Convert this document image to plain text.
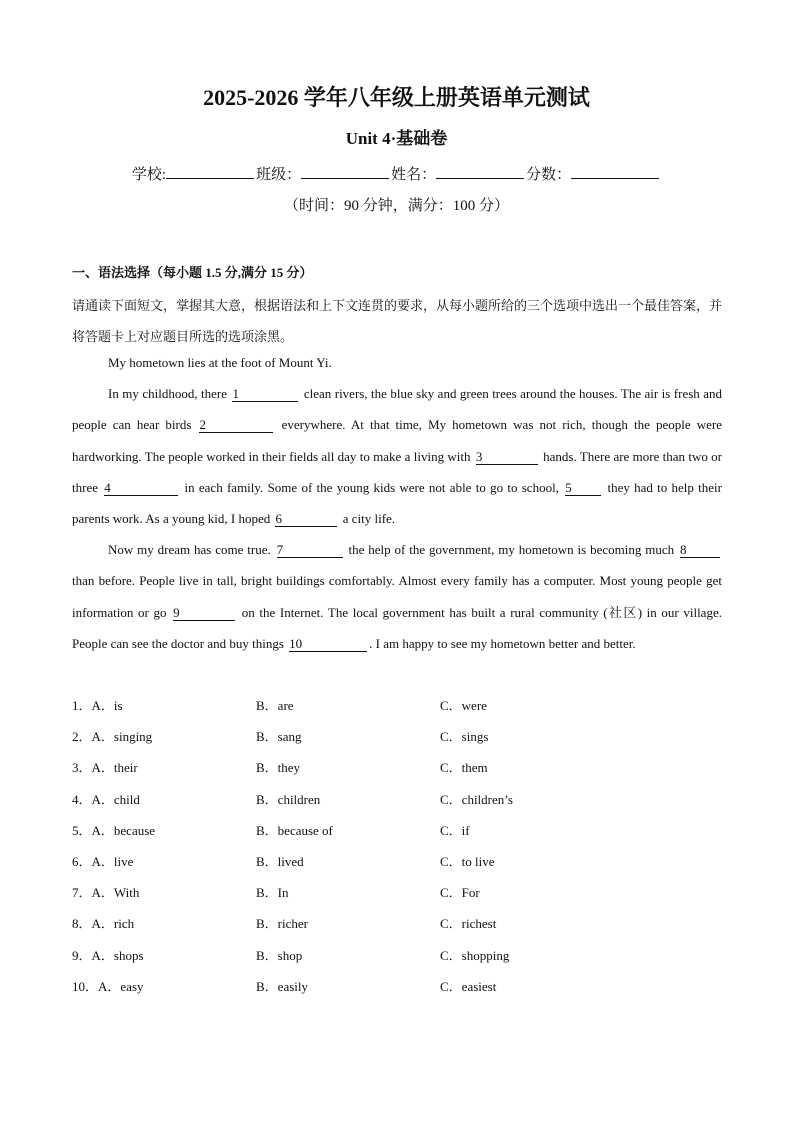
2025-2026 学年八年级上册英语单元测试
Unit 4·基础卷
学校:	班级：	姓名：	分数：
（时间：90 分钟，满分：100 分）
一、语法选择（每小题 1.5 分,满分 15 分）
请通读下面短文，掌握其大意，根据语法和上下文连贯的要求，从每小题所给的三个选项中选出一个最佳答案，并将答题卡上对应题目所选的选项涂黑。

My hometown lies at the foot of Mount Yi.

In my childhood, there 1	clean rivers, the blue sky and green trees around the houses. The air is fresh and people can hear birds 2	everywhere. At that time, My hometown was not rich, though the people were hardworking. The people worked in their fields all day to make a living with 3	hands. There are more than two or three 4	in each family. Some of the young kids were not able to go to school, 5 they had to help their parents work. As a young kid, I hoped 6	a city life.

Now my dream has come true. 7	the help of the government, my hometown is becoming much 8 than before. People live in tall, bright buildings comfortably. Almost every family has a computer. Most young people get information or go 9	on the Internet. The local government has built a rural community (社区) in our village. People can see the doctor and buy things 10	. I am happy to see my hometown better and better.

1．A．is	B．are	C．were
2．A．singing	B．sang	C．sings
3．A．their	B．they	C．them
4．A．child	B．children	C．children’s
5．A．because	B．because of	C．if
6．A．live	B．lived	C．to live
7．A．With	B．In	C．For
8．A．rich	B．richer	C．richest
9．A．shops	B．shop	C．shopping
10．A．easy	B．easily	C．easiest
